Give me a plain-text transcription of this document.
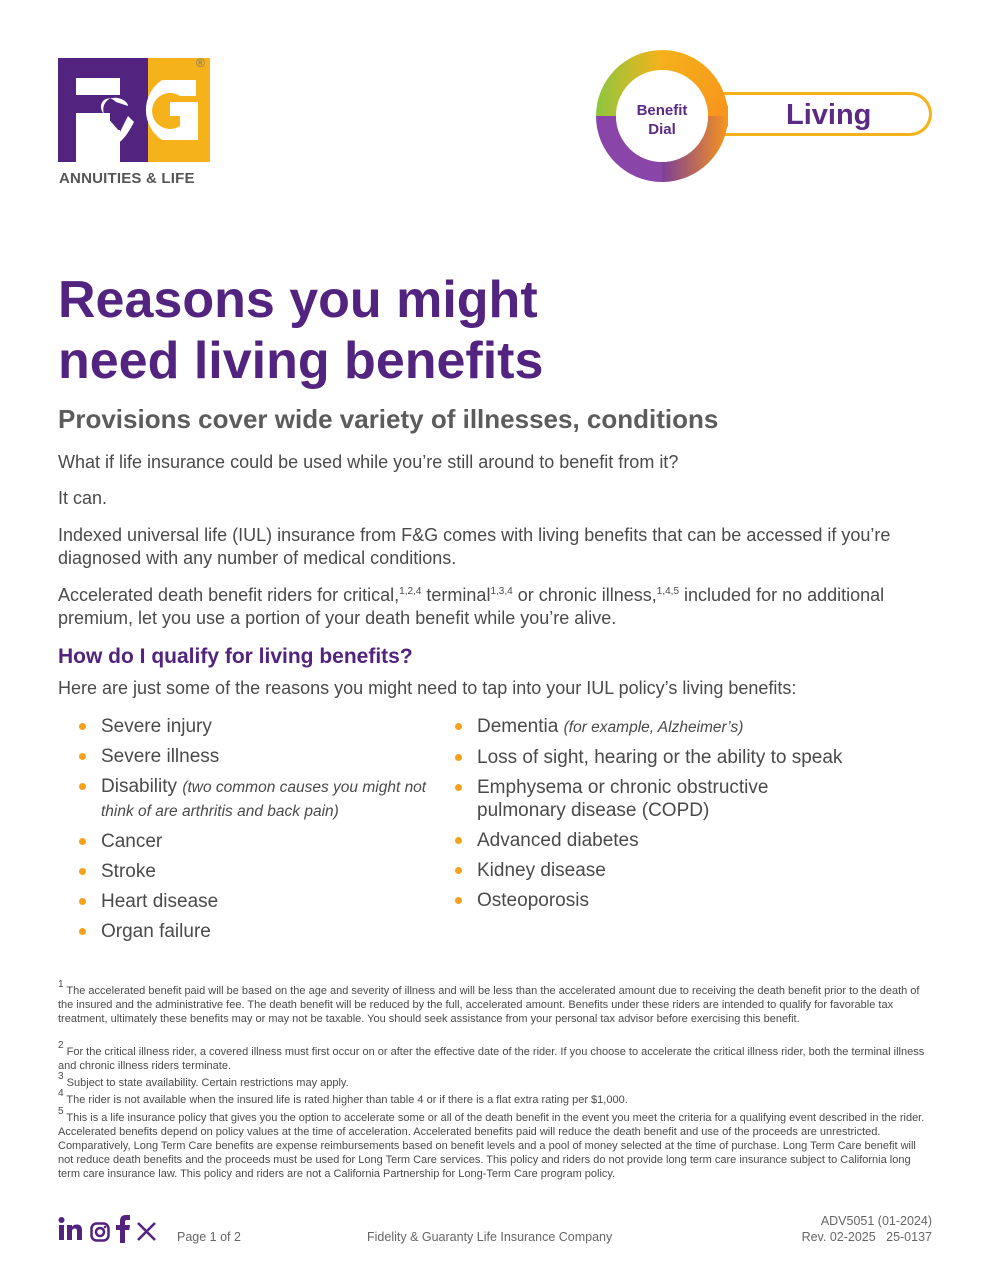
®
ANNUITIES & LIFE
Benefit
Dial	Living
Reasons you might
need living benefits
Provisions cover wide variety of illnesses, conditions
What if life insurance could be used while you’re still around to benefit from it?
It can.
Indexed universal life (IUL) insurance from F&G comes with living benefits that can be accessed if you’re diagnosed with any number of medical conditions.
Accelerated death benefit riders for critical,$^{1,2,4}$ terminal$^{1,3,4}$ or chronic illness,$^{1,4,5}$ included for no additional premium, let you use a portion of your death benefit while you’re alive.
How do I qualify for living benefits?
Here are just some of the reasons you might need to tap into your IUL policy’s living benefits:
Severe injury
Severe illness
Disability (two common causes you might not think of are arthritis and back pain)
Cancer
Stroke
Heart disease
Organ failure
Dementia (for example, Alzheimer’s)
Loss of sight, hearing or the ability to speak
Emphysema or chronic obstructive pulmonary disease (COPD)
Advanced diabetes
Kidney disease
Osteoporosis
$^1$ The accelerated benefit paid will be based on the age and severity of illness and will be less than the accelerated amount due to receiving the death benefit prior to the death of the insured and the administrative fee. The death benefit will be reduced by the full, accelerated amount. Benefits under these riders are intended to qualify for favorable tax treatment, ultimately these benefits may or may not be taxable. You should seek assistance from your personal tax advisor before exercising this benefit.
$^2$ For the critical illness rider, a covered illness must first occur on or after the effective date of the rider. If you choose to accelerate the critical illness rider, both the terminal illness and chronic illness riders terminate.
$^3$ Subject to state availability. Certain restrictions may apply.
$^4$ The rider is not available when the insured life is rated higher than table 4 or if there is a flat extra rating per $1,000.
$^5$ This is a life insurance policy that gives you the option to accelerate some or all of the death benefit in the event you meet the criteria for a qualifying event described in the rider. Accelerated benefits depend on policy values at the time of acceleration. Accelerated benefits paid will reduce the death benefit and use of the proceeds are unrestricted. Comparatively, Long Term Care benefits are expense reimbursements based on benefit levels and a pool of money selected at the time of purchase. Long Term Care benefit will not reduce death benefits and the proceeds must be used for Long Term Care services. This policy and riders do not provide long term care insurance subject to California long term care insurance law. This policy and riders are not a California Partnership for Long-Term Care program policy.
Page 1 of 2	Fidelity & Guaranty Life Insurance Company
ADV5051 (01-2024)
Rev. 02-2025   25-0137
